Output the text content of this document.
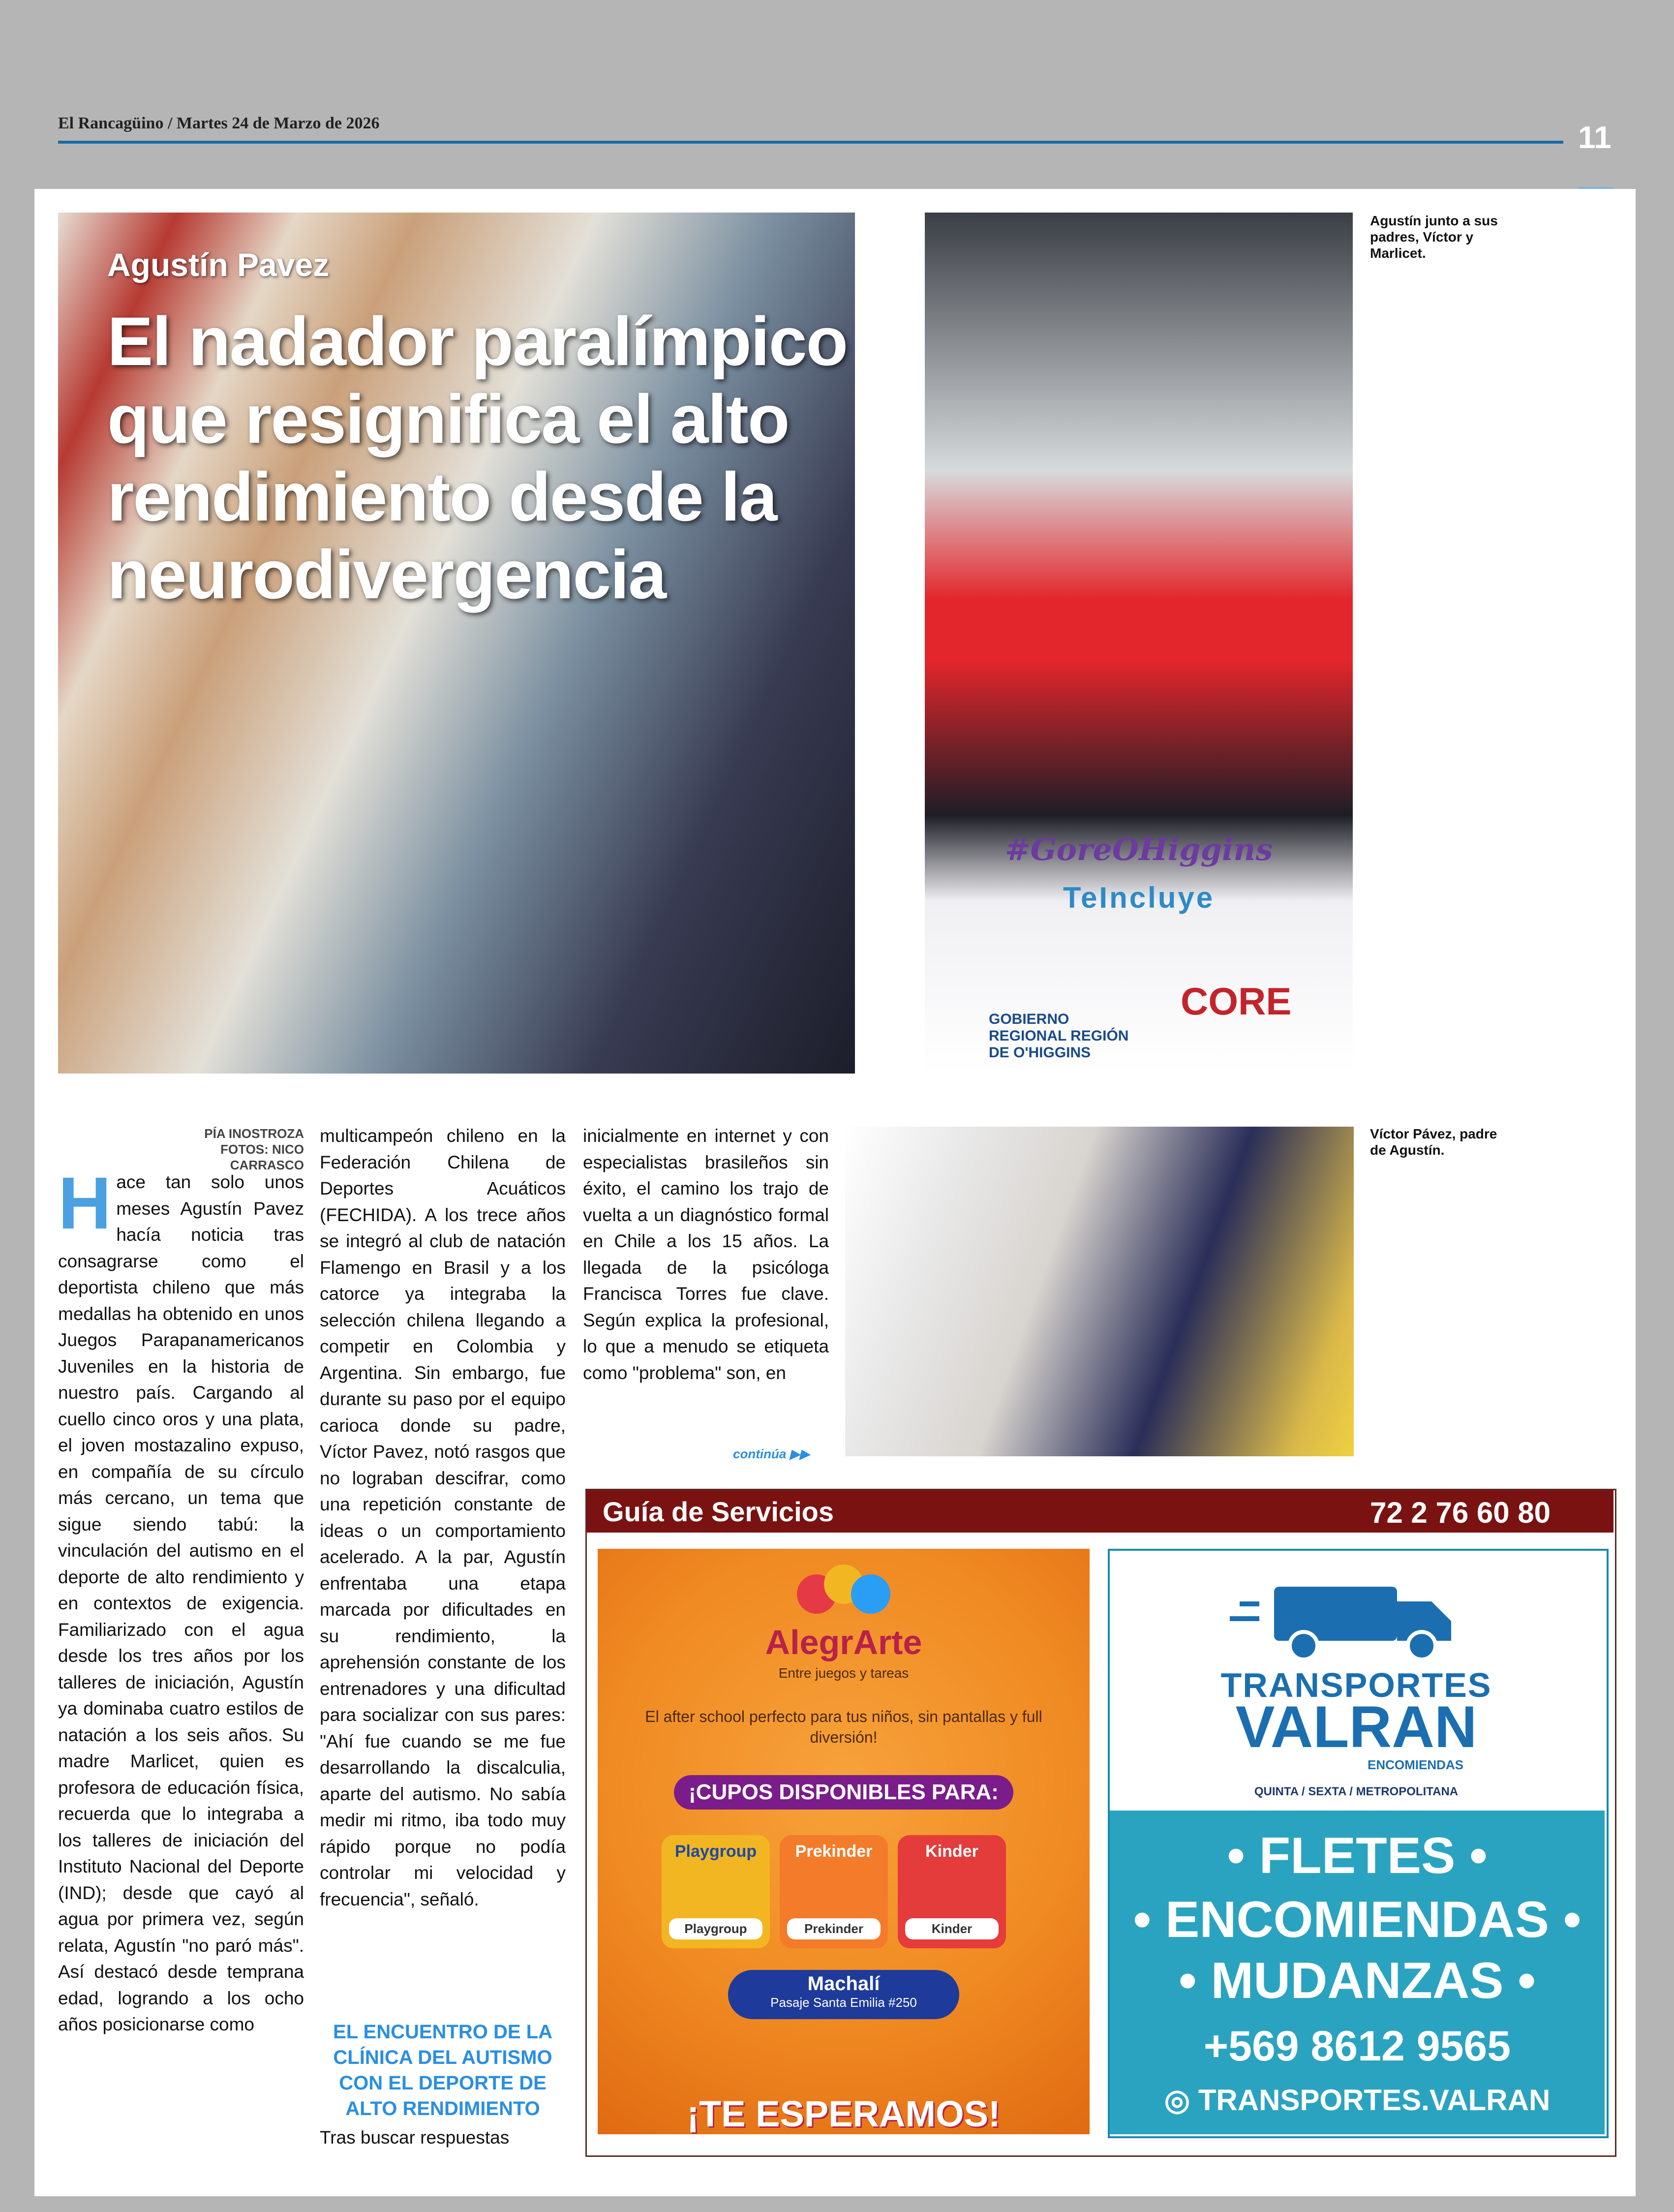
El Rancagüino / Martes 24 de Marzo de 2026	11
Agustín Pavez
El nadador paralímpico que resignifica el alto rendimiento desde la neurodivergencia
#GoreOHiggins
TeIncluye
GOBIERNO REGIONAL REGIÓN DE O'HIGGINS
CORE
Agustín junto a sus padres, Víctor y Marlicet.
PÍA INOSTROZA
FOTOS: NICO CARRASCO
Hace tan solo unos meses Agustín Pavez hacía noticia tras consagrarse como el deportista chileno que más medallas ha obtenido en unos Juegos Parapanamericanos Juveniles en la historia de nuestro país. Cargando al cuello cinco oros y una plata, el joven mostazalino expuso, en compañía de su círculo más cercano, un tema que sigue siendo tabú: la vinculación del autismo en el deporte de alto rendimiento y en contextos de exigencia. Familiarizado con el agua desde los tres años por los talleres de iniciación, Agustín ya dominaba cuatro estilos de natación a los seis años. Su madre Marlicet, quien es profesora de educación física, recuerda que lo integraba a los talleres de iniciación del Instituto Nacional del Deporte (IND); desde que cayó al agua por primera vez, según relata, Agustín "no paró más". Así destacó desde temprana edad, logrando a los ocho años posicionarse como
multicampeón chileno en la Federación Chilena de Deportes Acuáticos (FECHIDA). A los trece años se integró al club de natación Flamengo en Brasil y a los catorce ya integraba la selección chilena llegando a competir en Colombia y Argentina. Sin embargo, fue durante su paso por el equipo carioca donde su padre, Víctor Pavez, notó rasgos que no lograban descifrar, como una repetición constante de ideas o un comportamiento acelerado. A la par, Agustín enfrentaba una etapa marcada por dificultades en su rendimiento, la aprehensión constante de los entrenadores y una dificultad para socializar con sus pares: "Ahí fue cuando se me fue desarrollando la discalculia, aparte del autismo. No sabía medir mi ritmo, iba todo muy rápido porque no podía controlar mi velocidad y frecuencia", señaló.
EL ENCUENTRO DE LA CLÍNICA DEL AUTISMO CON EL DEPORTE DE ALTO RENDIMIENTO
Tras buscar respuestas
inicialmente en internet y con especialistas brasileños sin éxito, el camino los trajo de vuelta a un diagnóstico formal en Chile a los 15 años. La llegada de la psicóloga Francisca Torres fue clave. Según explica la profesional, lo que a menudo se etiqueta como "problema" son, en
continúa ▶▶
Víctor Pávez, padre de Agustín.
Guía de Servicios	72 2 76 60 80
AlegrArte
Entre juegos y tareas
El after school perfecto para tus niños, sin pantallas y full diversión!
¡CUPOS DISPONIBLES PARA:
Playgroup
Playgroup
Prekinder
Prekinder
Kinder
Kinder
Machalí
Pasaje Santa Emilia #250
¡TE ESPERAMOS!
TRANSPORTES
VALRAN
ENCOMIENDAS
QUINTA / SEXTA / METROPOLITANA
• FLETES •
• ENCOMIENDAS •
• MUDANZAS •
+569 8612 9565
◎ TRANSPORTES.VALRAN
